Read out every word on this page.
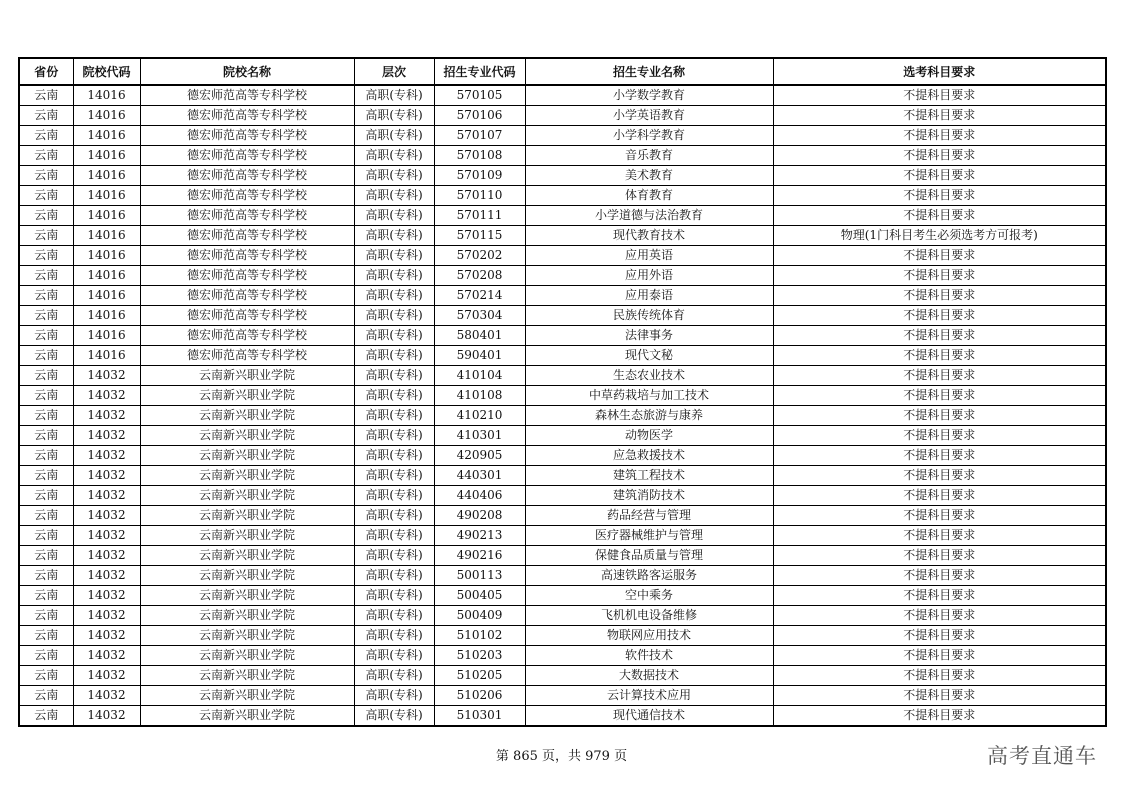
省份	院校代码	院校名称	层次	招生专业代码	招生专业名称	选考科目要求
云南	14016	德宏师范高等专科学校	高职(专科)	570105	小学数学教育	不提科目要求
云南	14016	德宏师范高等专科学校	高职(专科)	570106	小学英语教育	不提科目要求
云南	14016	德宏师范高等专科学校	高职(专科)	570107	小学科学教育	不提科目要求
云南	14016	德宏师范高等专科学校	高职(专科)	570108	音乐教育	不提科目要求
云南	14016	德宏师范高等专科学校	高职(专科)	570109	美术教育	不提科目要求
云南	14016	德宏师范高等专科学校	高职(专科)	570110	体育教育	不提科目要求
云南	14016	德宏师范高等专科学校	高职(专科)	570111	小学道德与法治教育	不提科目要求
云南	14016	德宏师范高等专科学校	高职(专科)	570115	现代教育技术	物理(1门科目考生必须选考方可报考)
云南	14016	德宏师范高等专科学校	高职(专科)	570202	应用英语	不提科目要求
云南	14016	德宏师范高等专科学校	高职(专科)	570208	应用外语	不提科目要求
云南	14016	德宏师范高等专科学校	高职(专科)	570214	应用泰语	不提科目要求
云南	14016	德宏师范高等专科学校	高职(专科)	570304	民族传统体育	不提科目要求
云南	14016	德宏师范高等专科学校	高职(专科)	580401	法律事务	不提科目要求
云南	14016	德宏师范高等专科学校	高职(专科)	590401	现代文秘	不提科目要求
云南	14032	云南新兴职业学院	高职(专科)	410104	生态农业技术	不提科目要求
云南	14032	云南新兴职业学院	高职(专科)	410108	中草药栽培与加工技术	不提科目要求
云南	14032	云南新兴职业学院	高职(专科)	410210	森林生态旅游与康养	不提科目要求
云南	14032	云南新兴职业学院	高职(专科)	410301	动物医学	不提科目要求
云南	14032	云南新兴职业学院	高职(专科)	420905	应急救援技术	不提科目要求
云南	14032	云南新兴职业学院	高职(专科)	440301	建筑工程技术	不提科目要求
云南	14032	云南新兴职业学院	高职(专科)	440406	建筑消防技术	不提科目要求
云南	14032	云南新兴职业学院	高职(专科)	490208	药品经营与管理	不提科目要求
云南	14032	云南新兴职业学院	高职(专科)	490213	医疗器械维护与管理	不提科目要求
云南	14032	云南新兴职业学院	高职(专科)	490216	保健食品质量与管理	不提科目要求
云南	14032	云南新兴职业学院	高职(专科)	500113	高速铁路客运服务	不提科目要求
云南	14032	云南新兴职业学院	高职(专科)	500405	空中乘务	不提科目要求
云南	14032	云南新兴职业学院	高职(专科)	500409	飞机机电设备维修	不提科目要求
云南	14032	云南新兴职业学院	高职(专科)	510102	物联网应用技术	不提科目要求
云南	14032	云南新兴职业学院	高职(专科)	510203	软件技术	不提科目要求
云南	14032	云南新兴职业学院	高职(专科)	510205	大数据技术	不提科目要求
云南	14032	云南新兴职业学院	高职(专科)	510206	云计算技术应用	不提科目要求
云南	14032	云南新兴职业学院	高职(专科)	510301	现代通信技术	不提科目要求
第 865 页，共 979 页	高考直通车
